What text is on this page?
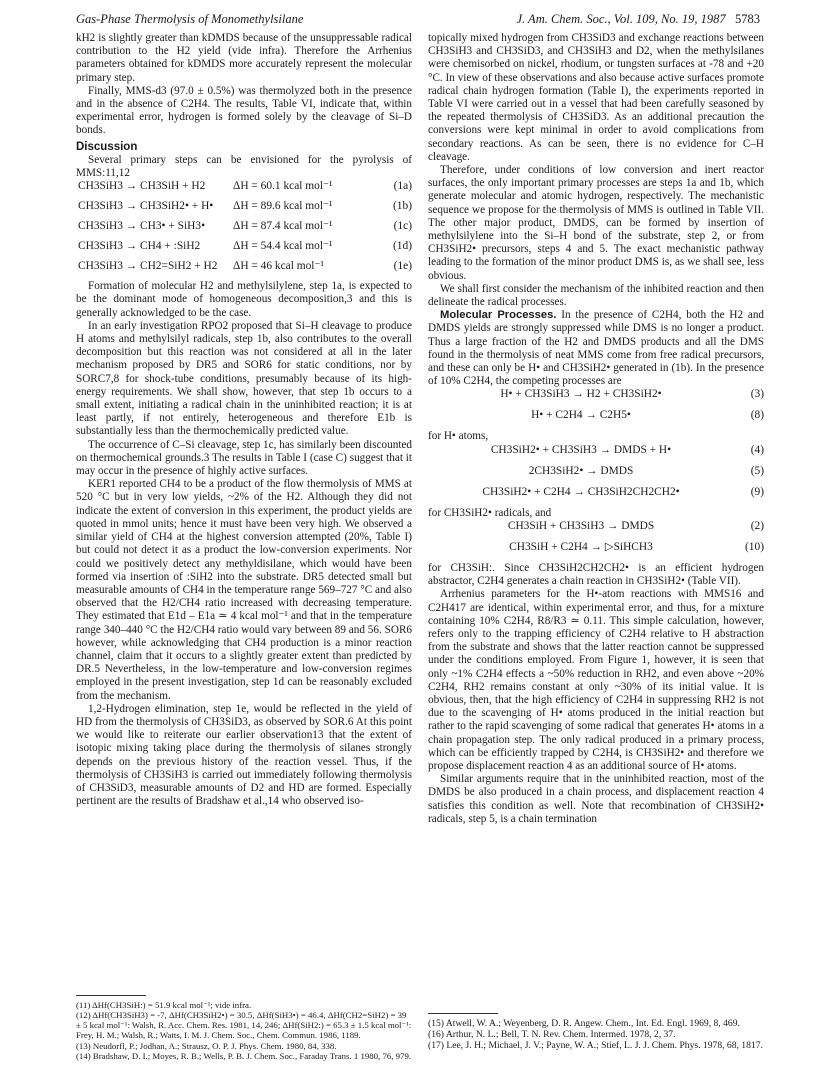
Gas-Phase Thermolysis of Monomethylsilane	J. Am. Chem. Soc., Vol. 109, No. 19, 1987 5783

kH2 is slightly greater than kDMDS because of the unsuppressable radical contribution to the H2 yield (vide infra). Therefore the Arrhenius parameters obtained for kDMDS more accurately represent the molecular primary step.

Finally, MMS-d3 (97.0 ± 0.5%) was thermolyzed both in the presence and in the absence of C2H4. The results, Table VI, indicate that, within experimental error, hydrogen is formed solely by the cleavage of Si–D bonds.

Discussion

Several primary steps can be envisioned for the pyrolysis of MMS:11,12

CH3SiH3 → CH3SiH + H2	ΔH = 60.1 kcal mol⁻¹	(1a)
CH3SiH3 → CH3SiH2• + H•	ΔH = 89.6 kcal mol⁻¹	(1b)
CH3SiH3 → CH3• + SiH3•	ΔH = 87.4 kcal mol⁻¹	(1c)
CH3SiH3 → CH4 + :SiH2	ΔH = 54.4 kcal mol⁻¹	(1d)
CH3SiH3 → CH2=SiH2 + H2	ΔH = 46 kcal mol⁻¹	(1e)

Formation of molecular H2 and methylsilylene, step 1a, is expected to be the dominant mode of homogeneous decomposition,3 and this is generally acknowledged to be the case.

In an early investigation RPO2 proposed that Si–H cleavage to produce H atoms and methylsilyl radicals, step 1b, also contributes to the overall decomposition but this reaction was not considered at all in the later mechanism proposed by DR5 and SOR6 for static conditions, nor by SORC7,8 for shock-tube conditions, presumably because of its high-energy requirements. We shall show, however, that step 1b occurs to a small extent, initiating a radical chain in the uninhibited reaction; it is at least partly, if not entirely, heterogeneous and therefore E1b is substantially less than the thermochemically predicted value.

The occurrence of C–Si cleavage, step 1c, has similarly been discounted on thermochemical grounds.3 The results in Table I (case C) suggest that it may occur in the presence of highly active surfaces.

KER1 reported CH4 to be a product of the flow thermolysis of MMS at 520 °C but in very low yields, ~2% of the H2. Although they did not indicate the extent of conversion in this experiment, the product yields are quoted in mmol units; hence it must have been very high. We observed a similar yield of CH4 at the highest conversion attempted (20%, Table I) but could not detect it as a product the low-conversion experiments. Nor could we positively detect any methyldisilane, which would have been formed via insertion of :SiH2 into the substrate. DR5 detected small but measurable amounts of CH4 in the temperature range 569–727 °C and also observed that the H2/CH4 ratio increased with decreasing temperature. They estimated that E1d – E1a ≃ 4 kcal mol⁻¹ and that in the temperature range 340–440 °C the H2/CH4 ratio would vary between 89 and 56. SOR6 however, while acknowledging that CH4 production is a minor reaction channel, claim that it occurs to a slightly greater extent than predicted by DR.5 Nevertheless, in the low-temperature and low-conversion regimes employed in the present investigation, step 1d can be reasonably excluded from the mechanism.

1,2-Hydrogen elimination, step 1e, would be reflected in the yield of HD from the thermolysis of CH3SiD3, as observed by SOR.6 At this point we would like to reiterate our earlier observation13 that the extent of isotopic mixing taking place during the thermolysis of silanes strongly depends on the previous history of the reaction vessel. Thus, if the thermolysis of CH3SiH3 is carried out immediately following thermolysis of CH3SiD3, measurable amounts of D2 and HD are formed. Especially pertinent are the results of Bradshaw et al.,14 who observed iso-

topically mixed hydrogen from CH3SiD3 and exchange reactions between CH3SiH3 and CH3SiD3, and CH3SiH3 and D2, when the methylsilanes were chemisorbed on nickel, rhodium, or tungsten surfaces at -78 and +20 °C. In view of these observations and also because active surfaces promote radical chain hydrogen formation (Table I), the experiments reported in Table VI were carried out in a vessel that had been carefully seasoned by the repeated thermolysis of CH3SiD3. As an additional precaution the conversions were kept minimal in order to avoid complications from secondary reactions. As can be seen, there is no evidence for C–H cleavage.

Therefore, under conditions of low conversion and inert reactor surfaces, the only important primary processes are steps 1a and 1b, which generate molecular and atomic hydrogen, respectively. The mechanistic sequence we propose for the thermolysis of MMS is outlined in Table VII. The other major product, DMDS, can be formed by insertion of methylsilylene into the Si–H bond of the substrate, step 2, or from CH3SiH2• precursors, steps 4 and 5. The exact mechanistic pathway leading to the formation of the minor product DMS is, as we shall see, less obvious.

We shall first consider the mechanism of the inhibited reaction and then delineate the radical processes.

Molecular Processes. In the presence of C2H4, both the H2 and DMDS yields are strongly suppressed while DMS is no longer a product. Thus a large fraction of the H2 and DMDS products and all the DMS found in the thermolysis of neat MMS come from free radical precursors, and these can only be H• and CH3SiH2• generated in (1b). In the presence of 10% C2H4, the competing processes are

H• + CH3SiH3 → H2 + CH3SiH2•	(3)
H• + C2H4 → C2H5•	(8)

for H• atoms,

CH3SiH2• + CH3SiH3 → DMDS + H•	(4)
2CH3SiH2• → DMDS	(5)
CH3SiH2• + C2H4 → CH3SiH2CH2CH2•	(9)

for CH3SiH2• radicals, and

CH3SiH + CH3SiH3 → DMDS	(2)
CH3SiH + C2H4 → ▷SiHCH3	(10)

for CH3SiH:. Since CH3SiH2CH2CH2• is an efficient hydrogen abstractor, C2H4 generates a chain reaction in CH3SiH2• (Table VII).

Arrhenius parameters for the H•-atom reactions with MMS16 and C2H417 are identical, within experimental error, and thus, for a mixture containing 10% C2H4, R8/R3 ≃ 0.11. This simple calculation, however, refers only to the trapping efficiency of C2H4 relative to H abstraction from the substrate and shows that the latter reaction cannot be suppressed under the conditions employed. From Figure 1, however, it is seen that only ~1% C2H4 effects a ~50% reduction in RH2, and even above ~20% C2H4, RH2 remains constant at only ~30% of its initial value. It is obvious, then, that the high efficiency of C2H4 in suppressing RH2 is not due to the scavenging of H• atoms produced in the initial reaction but rather to the rapid scavenging of some radical that generates H• atoms in a chain propagation step. The only radical produced in a primary process, which can be efficiently trapped by C2H4, is CH3SiH2• and therefore we propose displacement reaction 4 as an additional source of H• atoms.

Similar arguments require that in the uninhibited reaction, most of the DMDS be also produced in a chain process, and displacement reaction 4 satisfies this condition as well. Note that recombination of CH3SiH2• radicals, step 5, is a chain termination

(11) ΔHf(CH3SiH:) = 51.9 kcal mol⁻¹; vide infra.
(12) ΔHf(CH3SiH3) = -7, ΔHf(CH3SiH2•) = 30.5, ΔHf(SiH3•) = 46.4, ΔHf(CH2=SiH2) = 39 ± 5 kcal mol⁻¹: Walsh, R. Acc. Chem. Res. 1981, 14, 246; ΔHf(SiH2:) = 65.3 ± 1.5 kcal mol⁻¹: Frey, H. M.; Walsh, R.; Watts, I. M. J. Chem. Soc., Chem. Commun. 1986, 1189.
(13) Neudorfl, P.; Jodhan, A.; Strausz, O. P. J. Phys. Chem. 1980, 84, 338.
(14) Bradshaw, D. I.; Moyes, R. B.; Wells, P. B. J. Chem. Soc., Faraday Trans. 1 1980, 76, 979.
(15) Atwell, W. A.; Weyenberg, D. R. Angew. Chem., Int. Ed. Engl. 1969, 8, 469.
(16) Arthur, N. L.; Bell, T. N. Rev. Chem. Intermed. 1978, 2, 37.
(17) Lee, J. H.; Michael, J. V.; Payne, W. A.; Stief, L. J. J. Chem. Phys. 1978, 68, 1817.
